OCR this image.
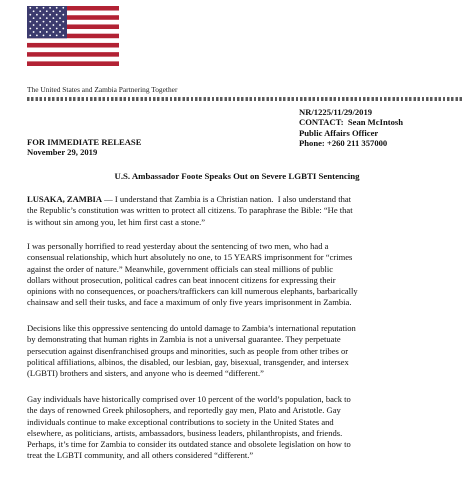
The United States and Zambia Partnering Together
NR/1225/11/29/2019
CONTACT:  Sean McIntosh
Public Affairs Officer
Phone: +260 211 357000
FOR IMMEDIATE RELEASE
November 29, 2019
U.S. Ambassador Foote Speaks Out on Severe LGBTI Sentencing
LUSAKA, ZAMBIA — I understand that Zambia is a Christian nation.  I also understand that
the Republic’s constitution was written to protect all citizens. To paraphrase the Bible: “He that
is without sin among you, let him first cast a stone.”
I was personally horrified to read yesterday about the sentencing of two men, who had a
consensual relationship, which hurt absolutely no one, to 15 YEARS imprisonment for “crimes
against the order of nature.” Meanwhile, government officials can steal millions of public
dollars without prosecution, political cadres can beat innocent citizens for expressing their
opinions with no consequences, or poachers/traffickers can kill numerous elephants, barbarically
chainsaw and sell their tusks, and face a maximum of only five years imprisonment in Zambia.
Decisions like this oppressive sentencing do untold damage to Zambia’s international reputation
by demonstrating that human rights in Zambia is not a universal guarantee. They perpetuate
persecution against disenfranchised groups and minorities, such as people from other tribes or
political affiliations, albinos, the disabled, our lesbian, gay, bisexual, transgender, and intersex
(LGBTI) brothers and sisters, and anyone who is deemed “different.”
Gay individuals have historically comprised over 10 percent of the world’s population, back to
the days of renowned Greek philosophers, and reportedly gay men, Plato and Aristotle. Gay
individuals continue to make exceptional contributions to society in the United States and
elsewhere, as politicians, artists, ambassadors, business leaders, philanthropists, and friends.
Perhaps, it’s time for Zambia to consider its outdated stance and obsolete legislation on how to
treat the LGBTI community, and all others considered “different.”
